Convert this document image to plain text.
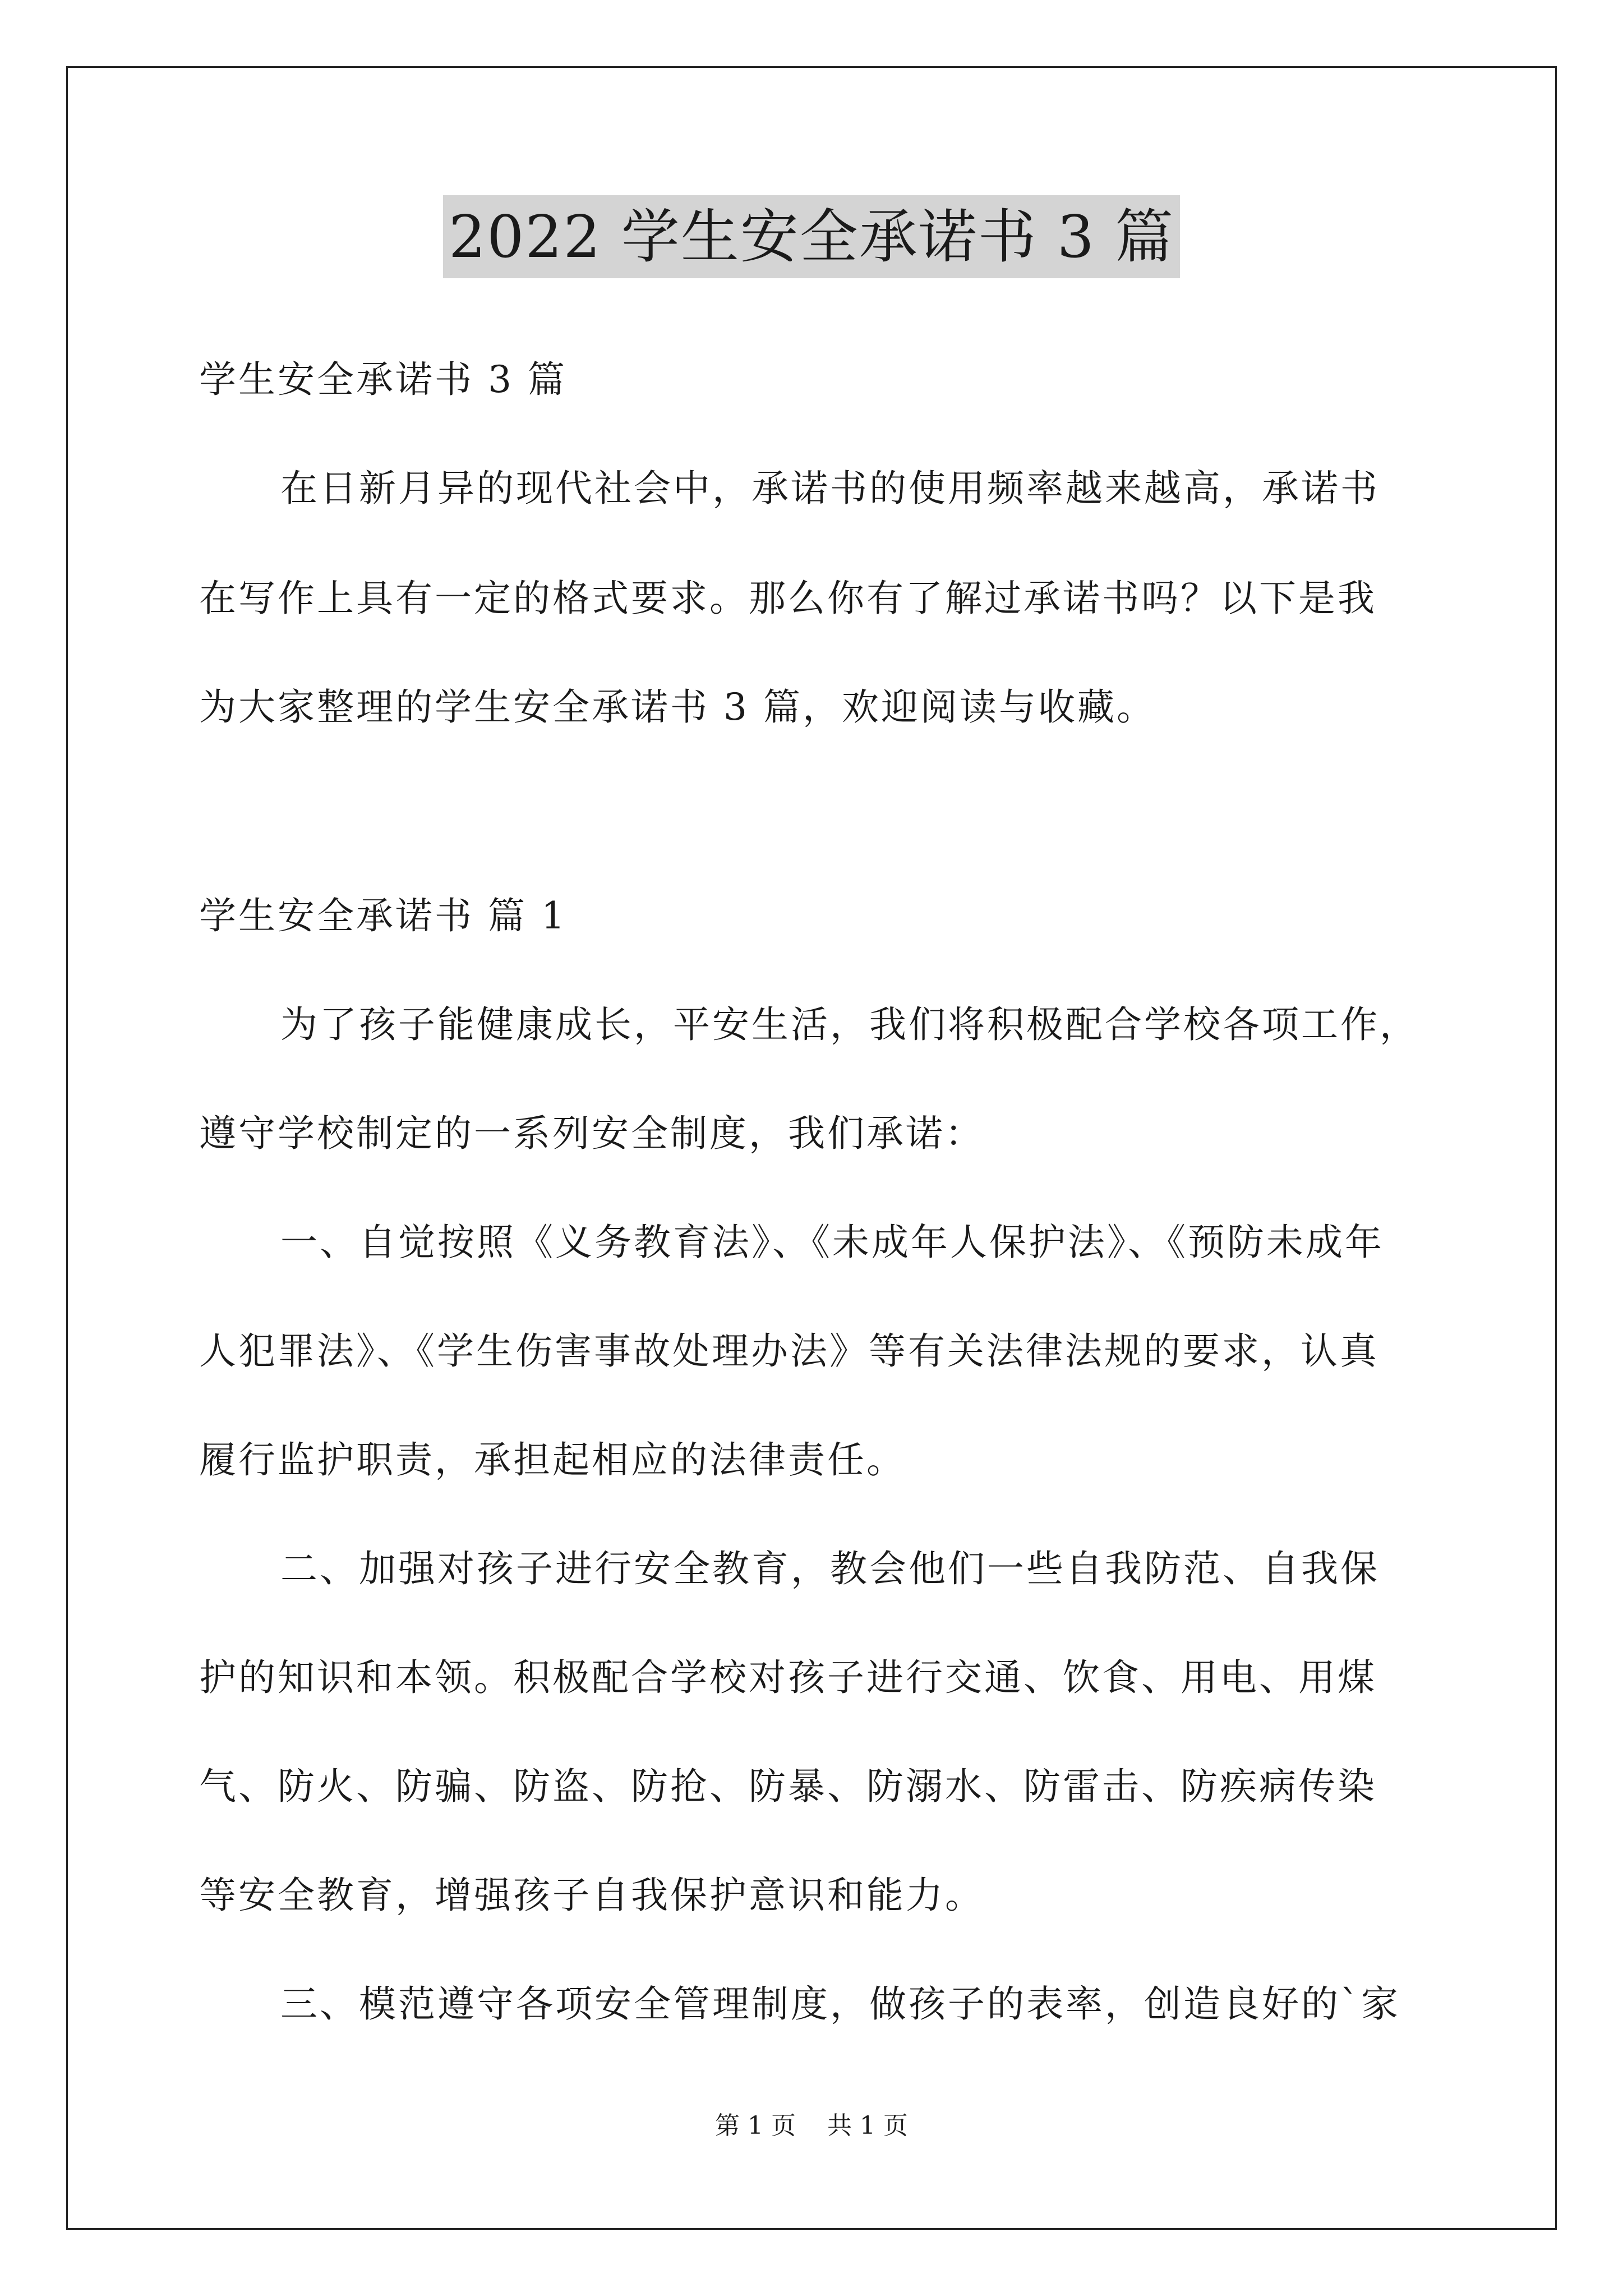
2022 学生安全承诺书 3 篇
学生安全承诺书 3 篇
在日新月异的现代社会中，承诺书的使用频率越来越高，承诺书
在写作上具有一定的格式要求。那么你有了解过承诺书吗？以下是我
为大家整理的学生安全承诺书 3 篇，欢迎阅读与收藏。
学生安全承诺书 篇 1
为了孩子能健康成长，平安生活，我们将积极配合学校各项工作，
遵守学校制定的一系列安全制度，我们承诺：
一、自觉按照《义务教育法》、《未成年人保护法》、《预防未成年
人犯罪法》、《学生伤害事故处理办法》等有关法律法规的要求，认真
履行监护职责，承担起相应的法律责任。
二、加强对孩子进行安全教育，教会他们一些自我防范、自我保
护的知识和本领。积极配合学校对孩子进行交通、饮食、用电、用煤
气、防火、防骗、防盗、防抢、防暴、防溺水、防雷击、防疾病传染
等安全教育，增强孩子自我保护意识和能力。
三、模范遵守各项安全管理制度，做孩子的表率，创造良好的`家
第 1 页    共 1 页
